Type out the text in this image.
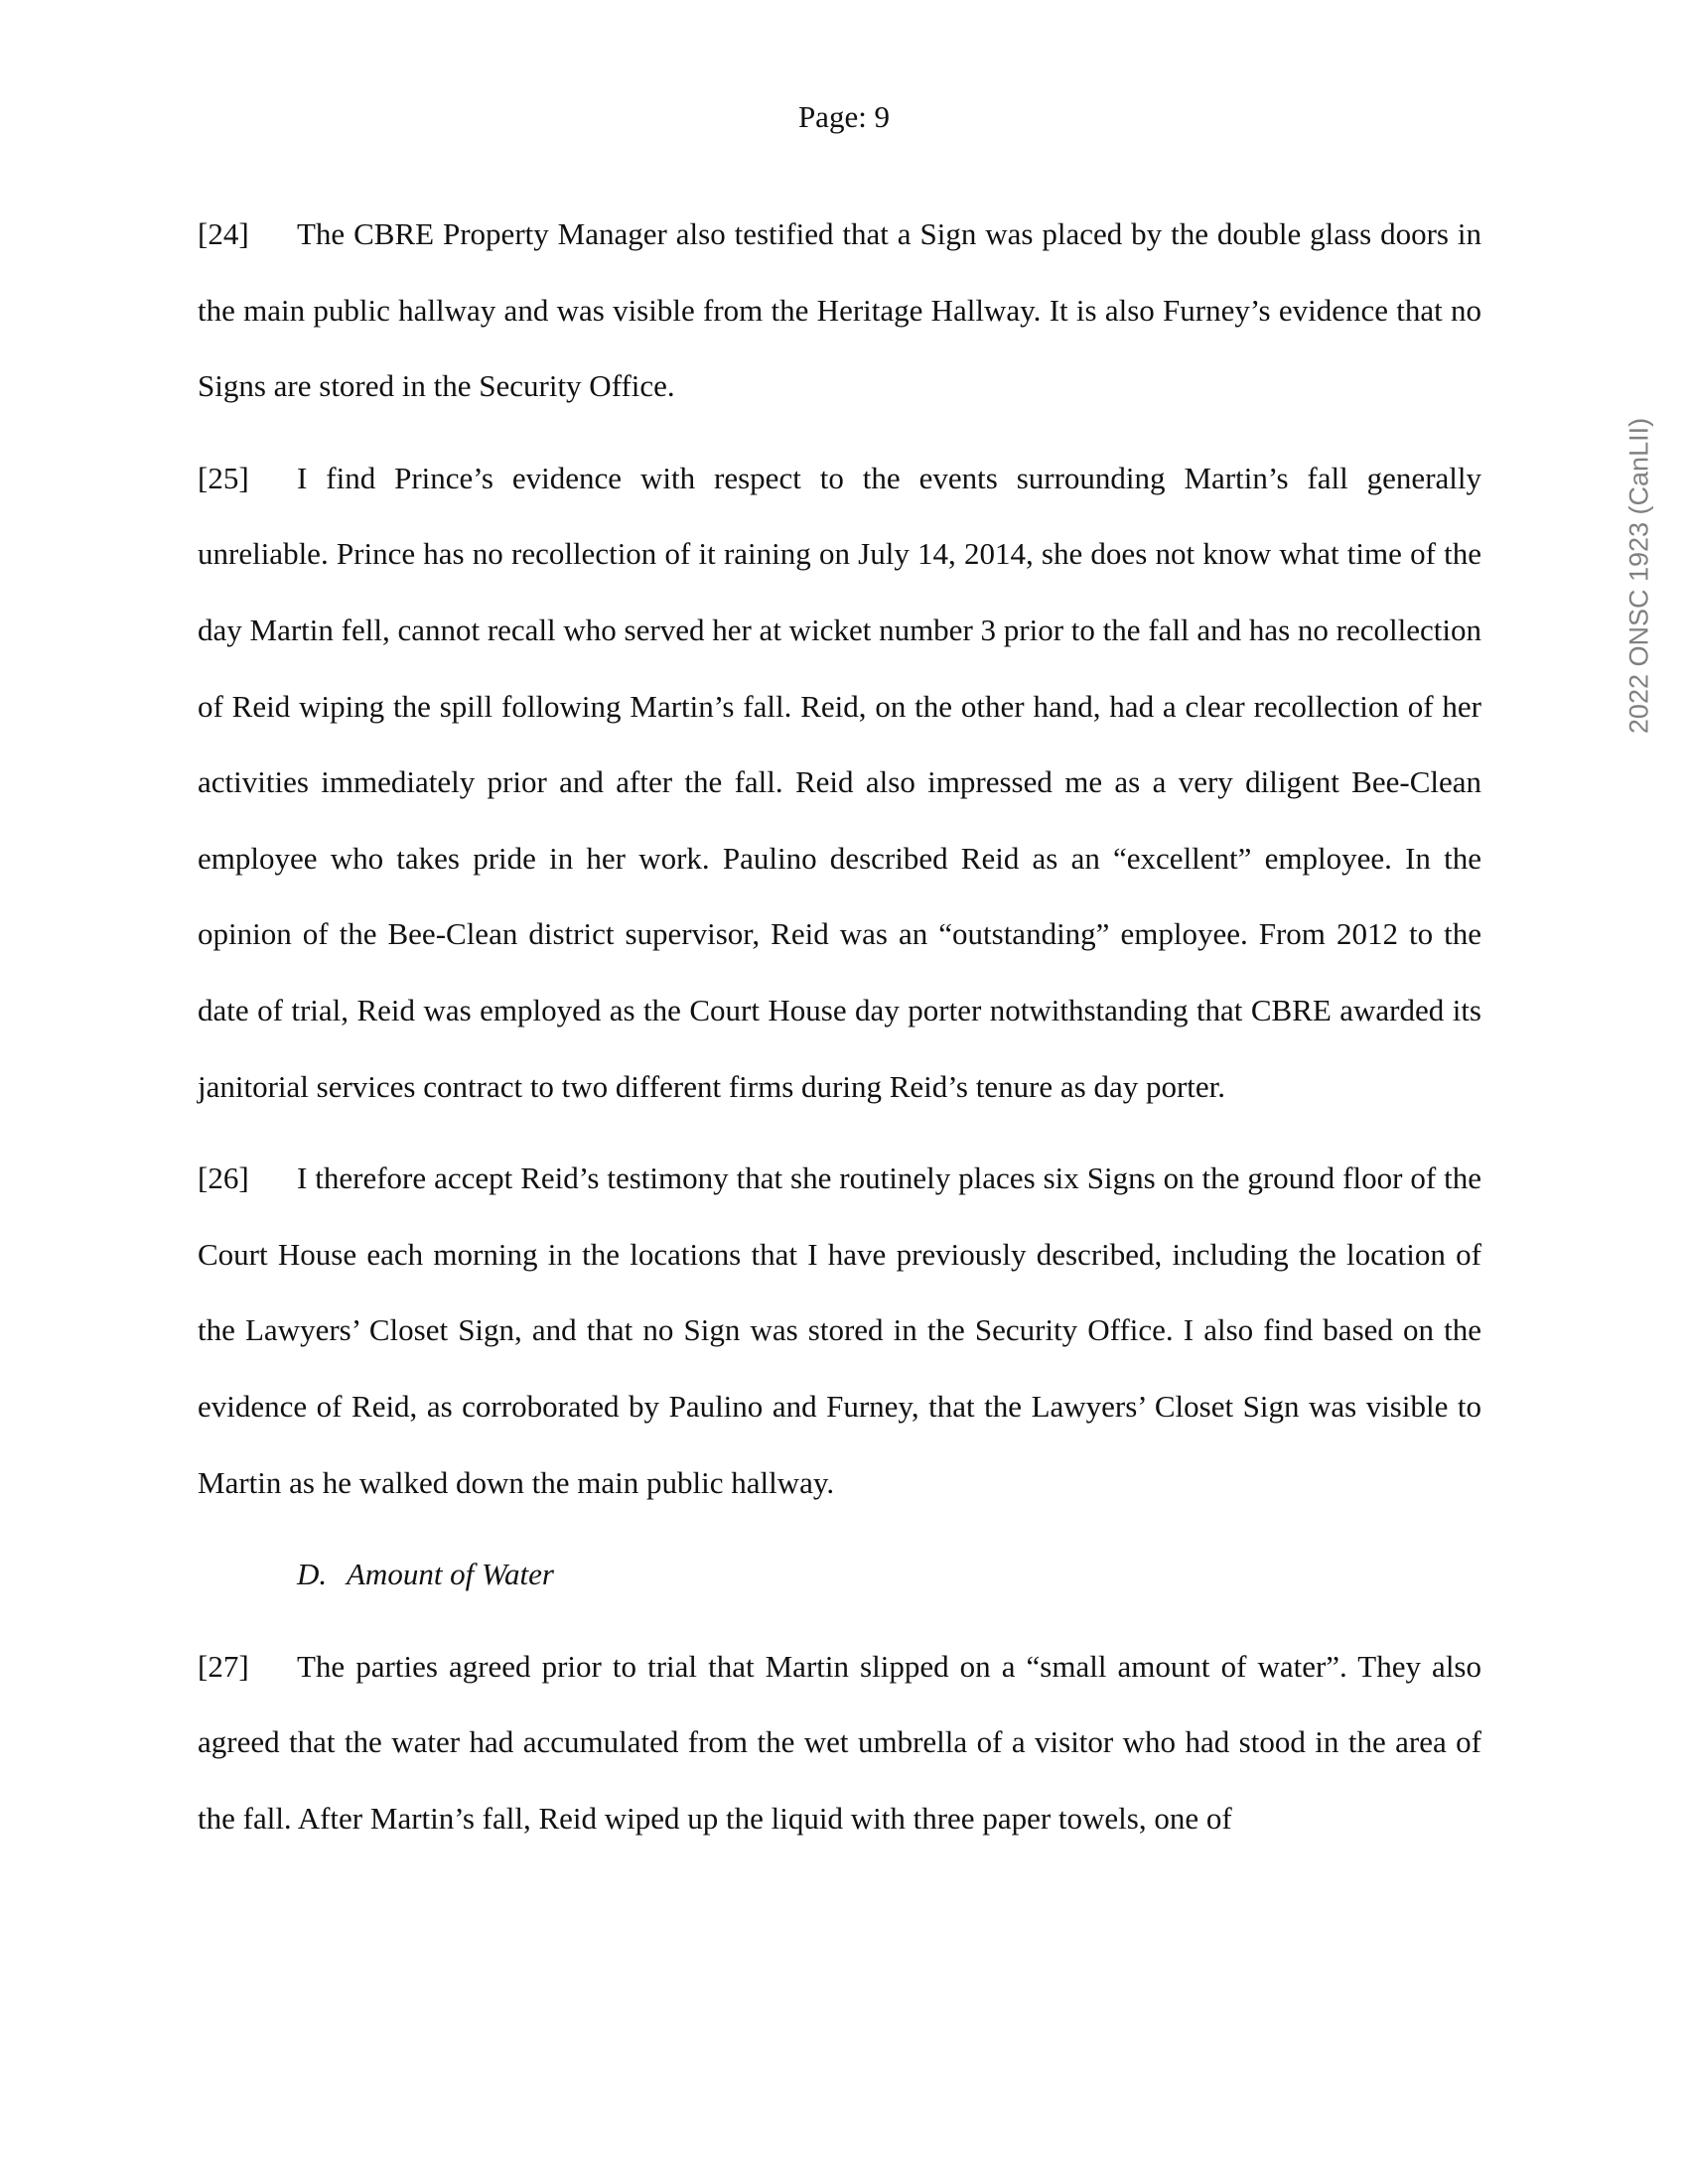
Page: 9
2022 ONSC 1923 (CanLII)

[24] The CBRE Property Manager also testified that a Sign was placed by the double glass doors in the main public hallway and was visible from the Heritage Hallway. It is also Furney’s evidence that no Signs are stored in the Security Office.

[25] I find Prince’s evidence with respect to the events surrounding Martin’s fall generally unreliable. Prince has no recollection of it raining on July 14, 2014, she does not know what time of the day Martin fell, cannot recall who served her at wicket number 3 prior to the fall and has no recollection of Reid wiping the spill following Martin’s fall. Reid, on the other hand, had a clear recollection of her activities immediately prior and after the fall. Reid also impressed me as a very diligent Bee-Clean employee who takes pride in her work. Paulino described Reid as an “excellent” employee. In the opinion of the Bee-Clean district supervisor, Reid was an “outstanding” employee. From 2012 to the date of trial, Reid was employed as the Court House day porter notwithstanding that CBRE awarded its janitorial services contract to two different firms during Reid’s tenure as day porter.

[26] I therefore accept Reid’s testimony that she routinely places six Signs on the ground floor of the Court House each morning in the locations that I have previously described, including the location of the Lawyers’ Closet Sign, and that no Sign was stored in the Security Office. I also find based on the evidence of Reid, as corroborated by Paulino and Furney, that the Lawyers’ Closet Sign was visible to Martin as he walked down the main public hallway.

D. Amount of Water

[27] The parties agreed prior to trial that Martin slipped on a “small amount of water”. They also agreed that the water had accumulated from the wet umbrella of a visitor who had stood in the area of the fall. After Martin’s fall, Reid wiped up the liquid with three paper towels, one of
